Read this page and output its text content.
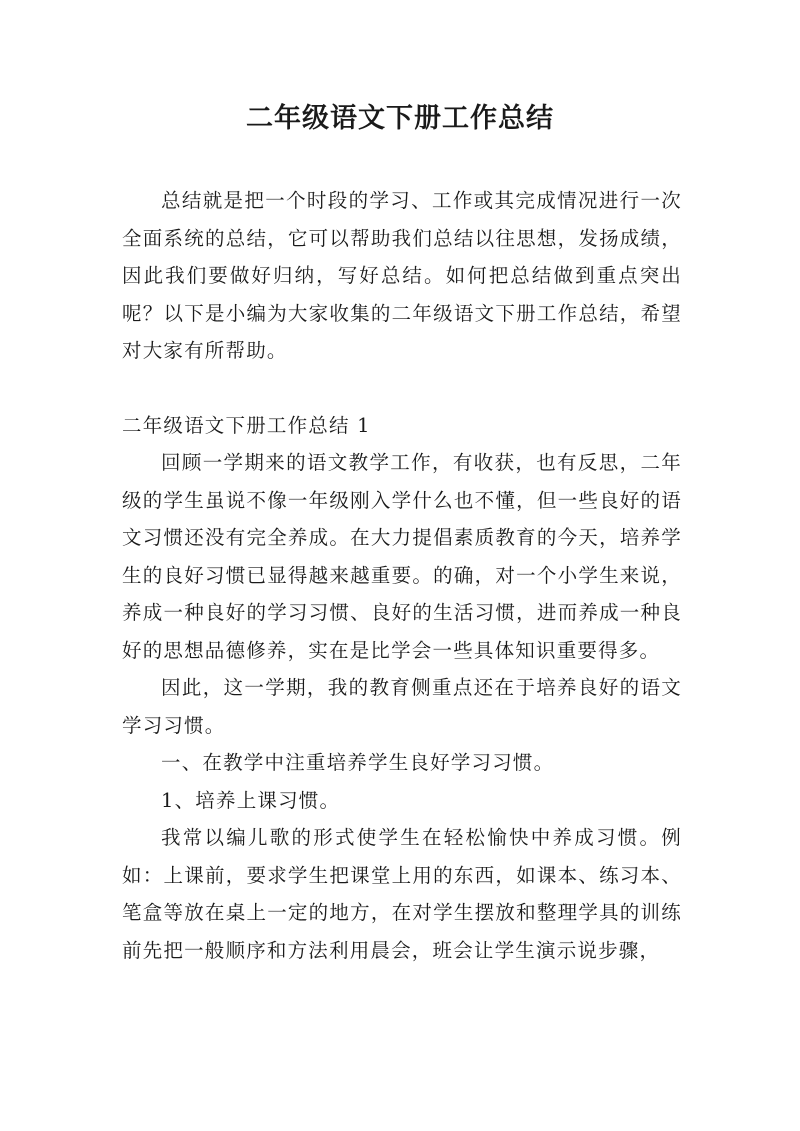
二年级语文下册工作总结

总结就是把一个时段的学习、工作或其完成情况进行一次全面系统的总结，它可以帮助我们总结以往思想，发扬成绩，因此我们要做好归纳，写好总结。如何把总结做到重点突出呢？以下是小编为大家收集的二年级语文下册工作总结，希望对大家有所帮助。

二年级语文下册工作总结 1

回顾一学期来的语文教学工作，有收获，也有反思，二年级的学生虽说不像一年级刚入学什么也不懂，但一些良好的语文习惯还没有完全养成。在大力提倡素质教育的今天，培养学生的良好习惯已显得越来越重要。的确，对一个小学生来说，养成一种良好的学习习惯、良好的生活习惯，进而养成一种良好的思想品德修养，实在是比学会一些具体知识重要得多。

因此，这一学期，我的教育侧重点还在于培养良好的语文学习习惯。

一、在教学中注重培养学生良好学习习惯。

1、培养上课习惯。

我常以编儿歌的形式使学生在轻松愉快中养成习惯。例如：上课前，要求学生把课堂上用的东西，如课本、练习本、笔盒等放在桌上一定的地方，在对学生摆放和整理学具的训练前先把一般顺序和方法利用晨会，班会让学生演示说步骤，
